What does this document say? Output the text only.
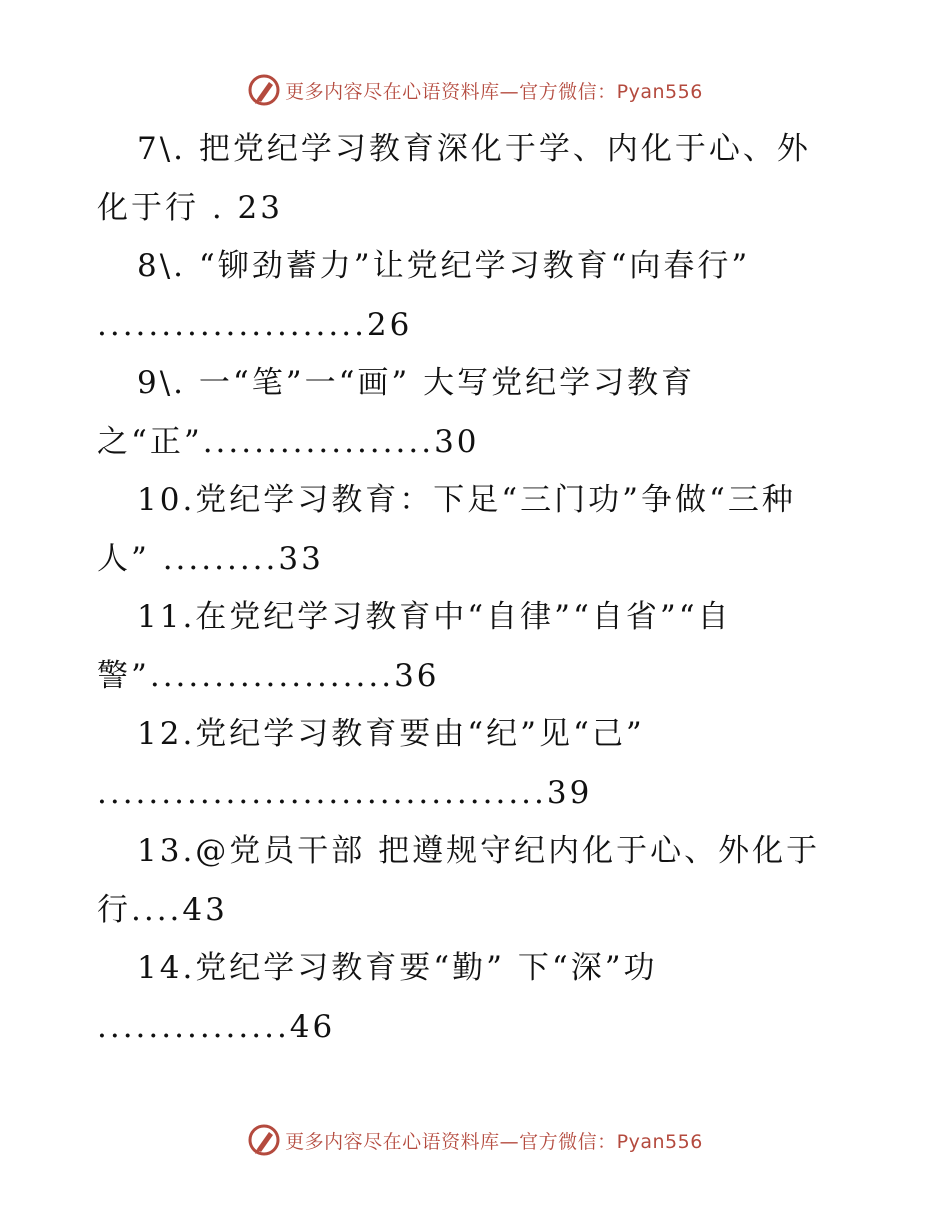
更多内容尽在心语资料库—官方微信：Pyan556
7\. 把党纪学习教育深化于学、内化于心、外
化于行 . 23
8\. “铆劲蓄力”让党纪学习教育“向春行”
.....................26
9\. 一“笔”一“画” 大写党纪学习教育
之“正”..................30
10.党纪学习教育：下足“三门功”争做“三种
人” .........33
11.在党纪学习教育中“自律”“自省”“自
警”...................36
12.党纪学习教育要由“纪”见“己”
...................................39
13.@党员干部 把遵规守纪内化于心、外化于
行....43
14.党纪学习教育要“勤” 下“深”功
...............46
更多内容尽在心语资料库—官方微信：Pyan556
